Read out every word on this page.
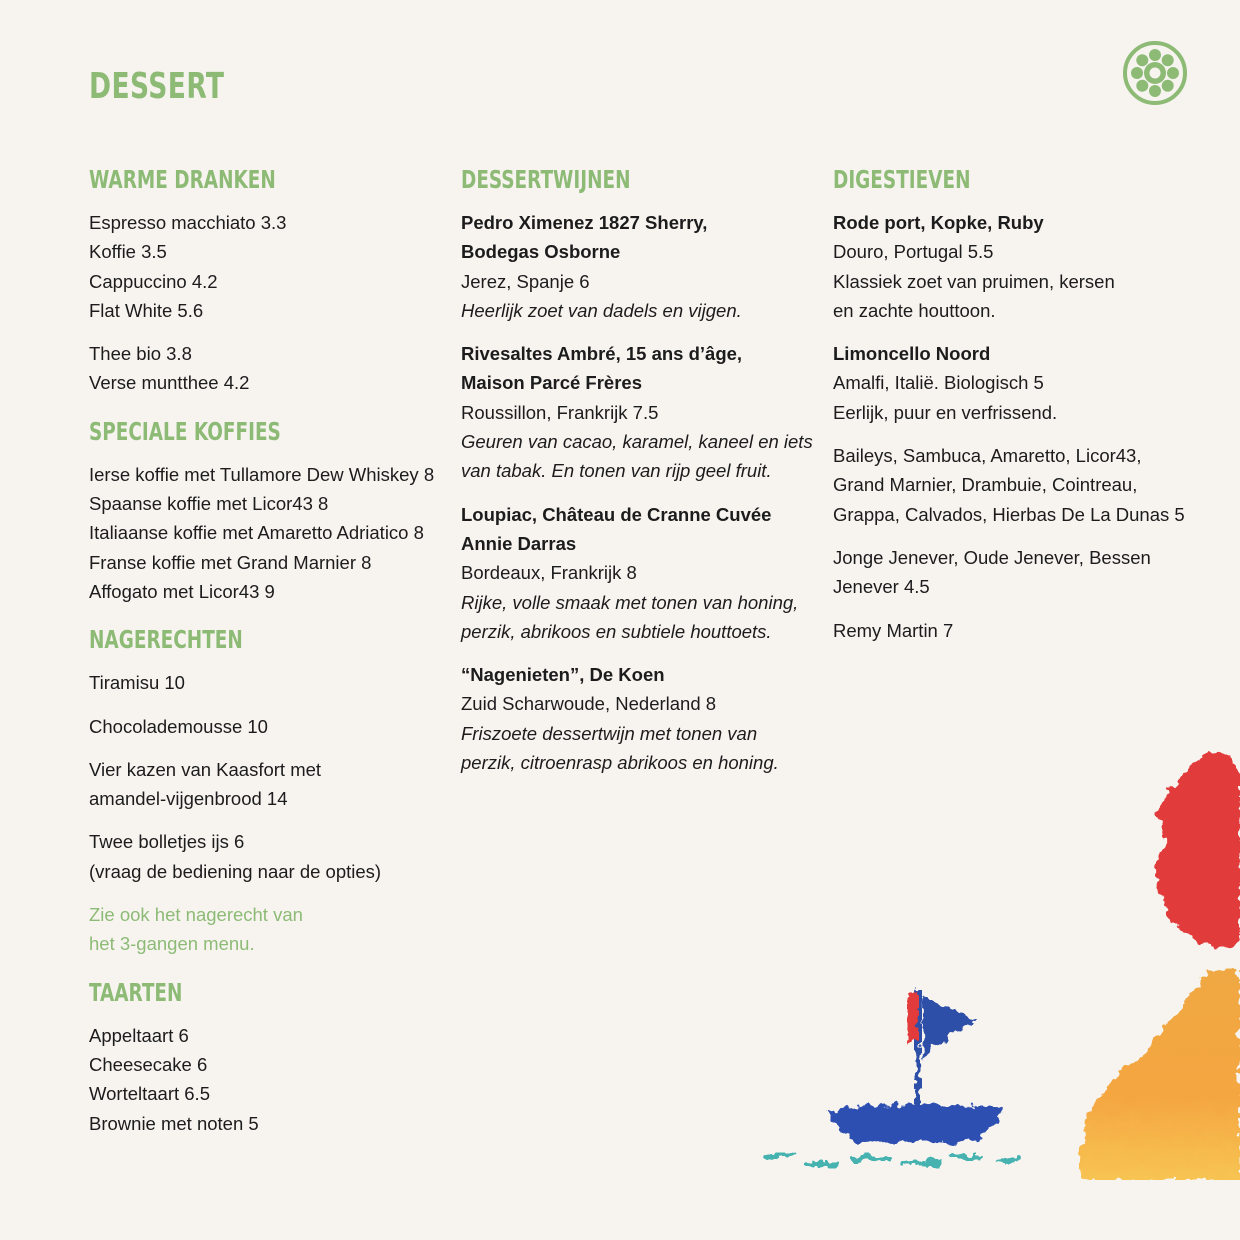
DESSERT
WARME DRANKEN
Espresso macchiato 3.3
Koffie 3.5
Cappuccino 4.2
Flat White 5.6
Thee bio 3.8
Verse muntthee 4.2
SPECIALE KOFFIES
Ierse koffie met Tullamore Dew Whiskey 8
Spaanse koffie met Licor43 8
Italiaanse koffie met Amaretto Adriatico 8
Franse koffie met Grand Marnier 8
Affogato met Licor43 9
NAGERECHTEN
Tiramisu 10
Chocolademousse 10
Vier kazen van Kaasfort met
amandel-vijgenbrood 14
Twee bolletjes ijs 6
(vraag de bediening naar de opties)
Zie ook het nagerecht van
het 3-gangen menu.
TAARTEN
Appeltaart 6
Cheesecake 6
Worteltaart 6.5
Brownie met noten 5
DESSERTWIJNEN
Pedro Ximenez 1827 Sherry,
Bodegas Osborne
Jerez, Spanje 6
Heerlijk zoet van dadels en vijgen.
Rivesaltes Ambré, 15 ans d’âge,
Maison Parcé Frères
Roussillon, Frankrijk 7.5
Geuren van cacao, karamel, kaneel en iets
van tabak. En tonen van rijp geel fruit.
Loupiac, Château de Cranne Cuvée
Annie Darras
Bordeaux, Frankrijk 8
Rijke, volle smaak met tonen van honing,
perzik, abrikoos en subtiele houttoets.
“Nagenieten”, De Koen
Zuid Scharwoude, Nederland 8
Friszoete dessertwijn met tonen van
perzik, citroenrasp abrikoos en honing.
DIGESTIEVEN
Rode port, Kopke, Ruby
Douro, Portugal 5.5
Klassiek zoet van pruimen, kersen
en zachte houttoon.
Limoncello Noord
Amalfi, Italië. Biologisch 5
Eerlijk, puur en verfrissend.
Baileys, Sambuca, Amaretto, Licor43,
Grand Marnier, Drambuie, Cointreau,
Grappa, Calvados, Hierbas De La Dunas 5
Jonge Jenever, Oude Jenever, Bessen
Jenever 4.5
Remy Martin 7
